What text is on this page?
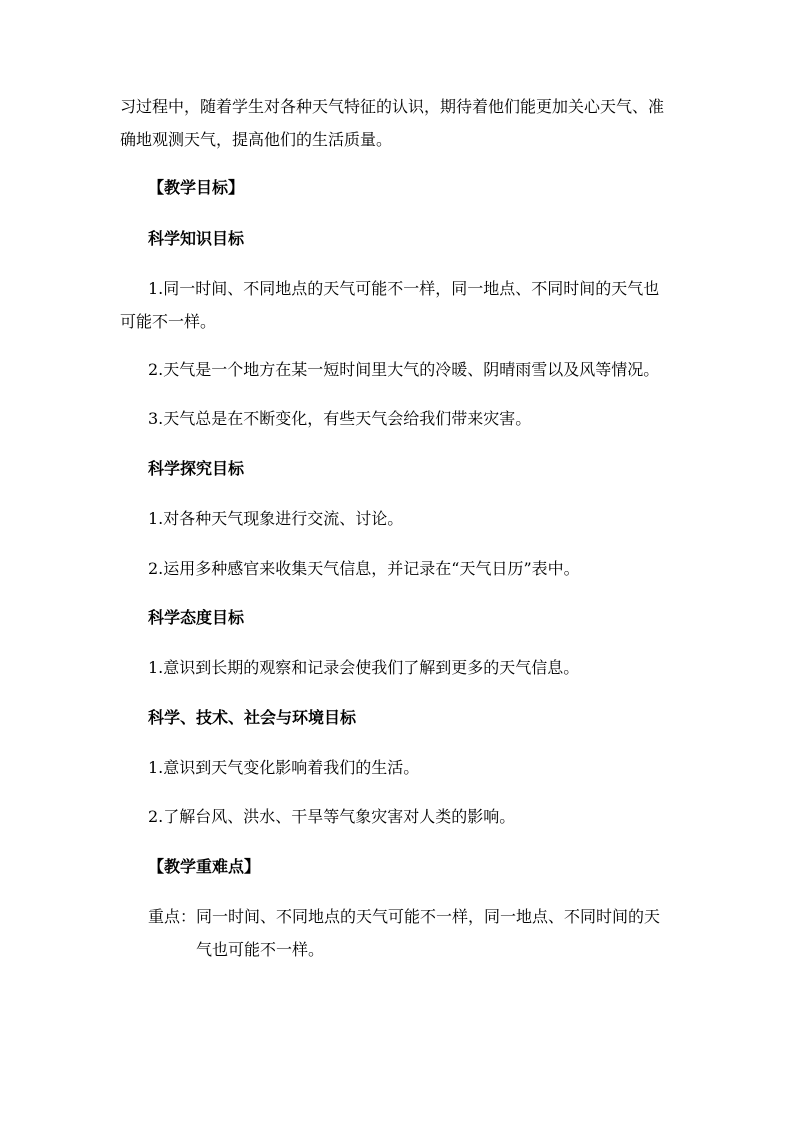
习过程中，随着学生对各种天气特征的认识，期待着他们能更加关心天气、准

确地观测天气，提高他们的生活质量。

【教学目标】

科学知识目标

1.同一时间、不同地点的天气可能不一样，同一地点、不同时间的天气也

可能不一样。

2.天气是一个地方在某一短时间里大气的冷暖、阴晴雨雪以及风等情况。

3.天气总是在不断变化，有些天气会给我们带来灾害。

科学探究目标

1.对各种天气现象进行交流、讨论。

2.运用多种感官来收集天气信息，并记录在“天气日历”表中。

科学态度目标

1.意识到长期的观察和记录会使我们了解到更多的天气信息。

科学、技术、社会与环境目标

1.意识到天气变化影响着我们的生活。

2.了解台风、洪水、干旱等气象灾害对人类的影响。

【教学重难点】

重点：同一时间、不同地点的天气可能不一样，同一地点、不同时间的天

气也可能不一样。
